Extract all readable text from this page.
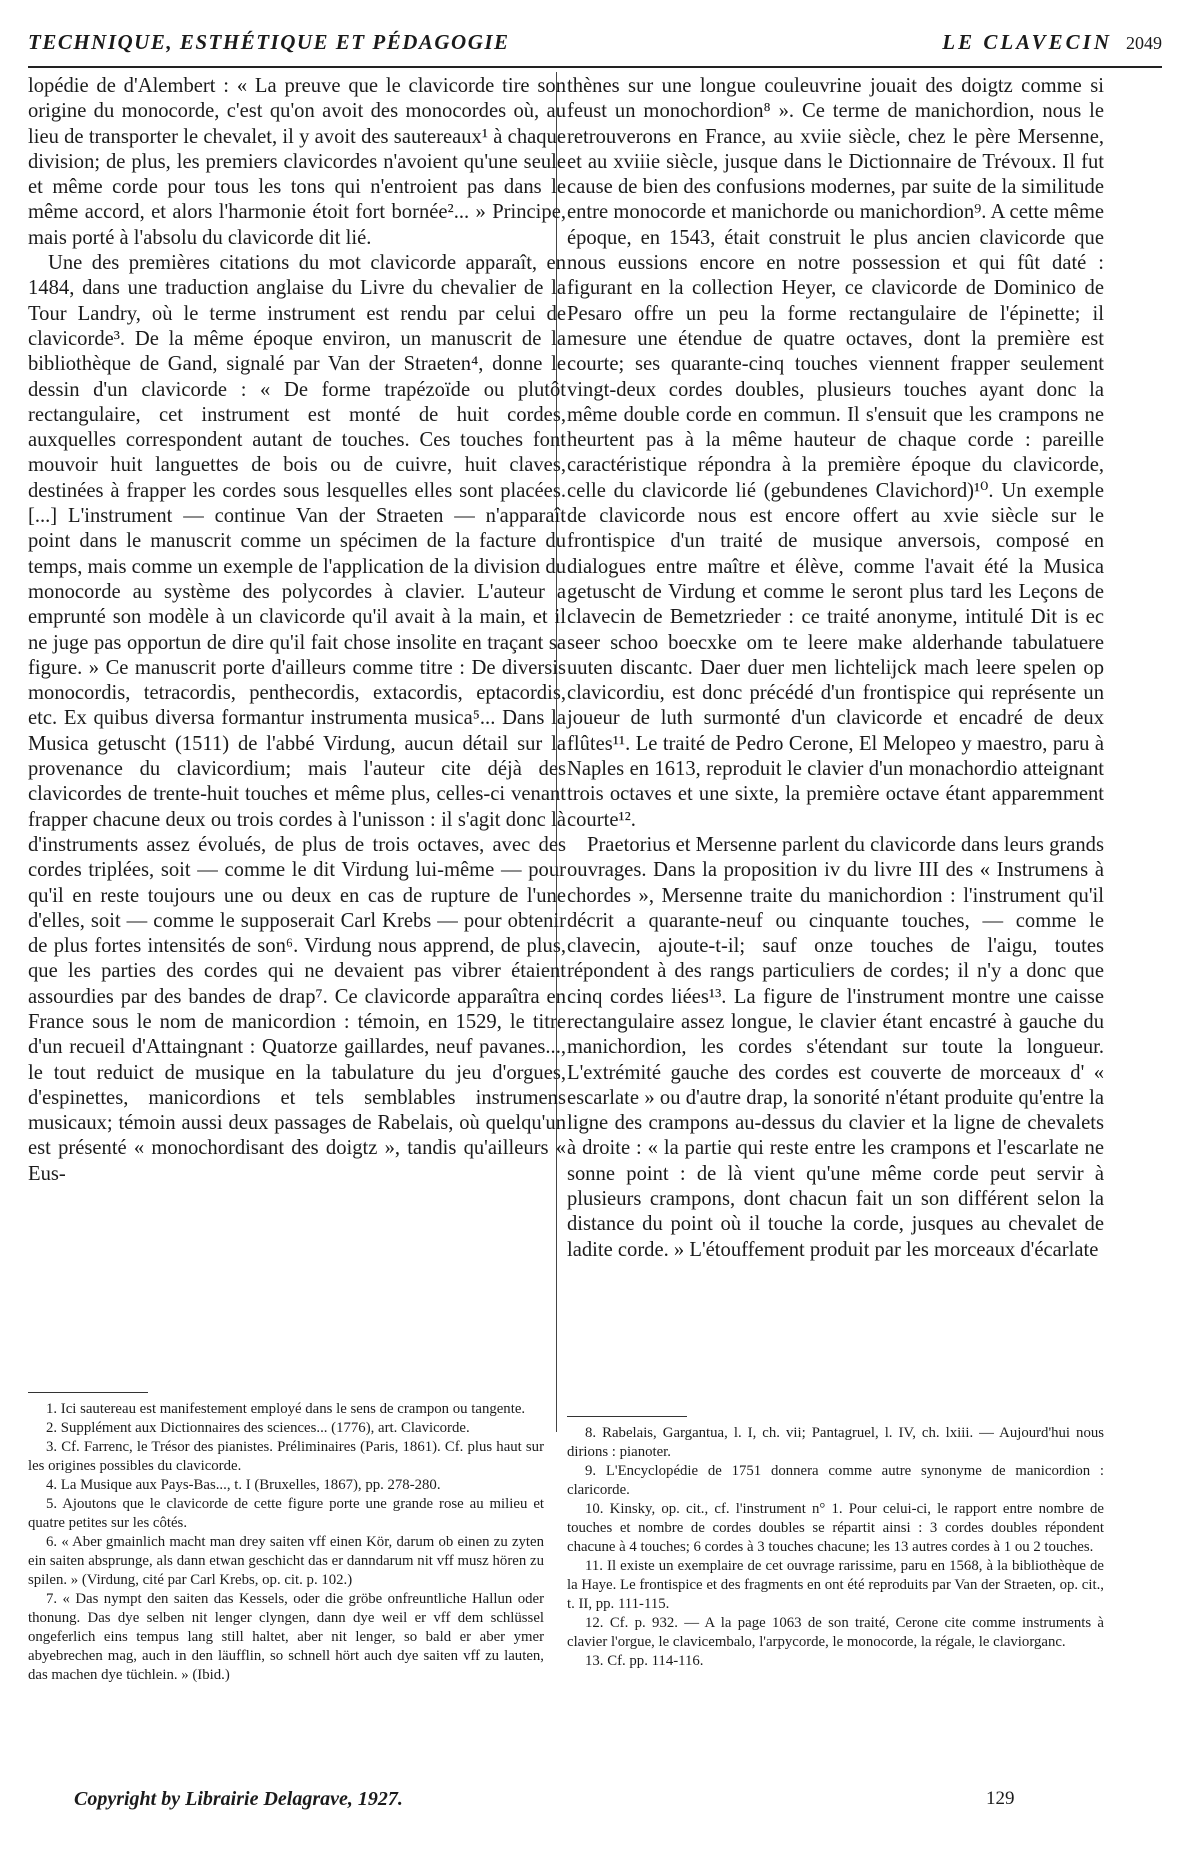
TECHNIQUE, ESTHÉTIQUE ET PÉDAGOGIE	LE CLAVECIN 2049

lopédie de d'Alembert : « La preuve que le clavicorde tire son origine du monocorde, c'est qu'on avoit des monocordes où, au lieu de transporter le chevalet, il y avoit des sautereaux¹ à chaque division; de plus, les premiers clavicordes n'avoient qu'une seule et même corde pour tous les tons qui n'entroient pas dans le même accord, et alors l'harmonie étoit fort bornée²... » Principe, mais porté à l'absolu du clavicorde dit lié.

Une des premières citations du mot clavicorde apparaît, en 1484, dans une traduction anglaise du Livre du chevalier de la Tour Landry, où le terme instrument est rendu par celui de clavicorde³. De la même époque environ, un manuscrit de la bibliothèque de Gand, signalé par Van der Straeten⁴, donne le dessin d'un clavicorde : « De forme trapézoïde ou plutôt rectangulaire, cet instrument est monté de huit cordes, auxquelles correspondent autant de touches. Ces touches font mouvoir huit languettes de bois ou de cuivre, huit claves, destinées à frapper les cordes sous lesquelles elles sont placées. [...] L'instrument — continue Van der Straeten — n'apparaît point dans le manuscrit comme un spécimen de la facture du temps, mais comme un exemple de l'application de la division du monocorde au système des polycordes à clavier. L'auteur a emprunté son modèle à un clavicorde qu'il avait à la main, et il ne juge pas opportun de dire qu'il fait chose insolite en traçant sa figure. » Ce manuscrit porte d'ailleurs comme titre : De diversis monocordis, tetracordis, penthecordis, extacordis, eptacordis, etc. Ex quibus diversa formantur instrumenta musica⁵... Dans la Musica getuscht (1511) de l'abbé Virdung, aucun détail sur la provenance du clavicordium; mais l'auteur cite déjà des clavicordes de trente-huit touches et même plus, celles-ci venant frapper chacune deux ou trois cordes à l'unisson : il s'agit donc là d'instruments assez évolués, de plus de trois octaves, avec des cordes triplées, soit — comme le dit Virdung lui-même — pour qu'il en reste toujours une ou deux en cas de rupture de l'une d'elles, soit — comme le supposerait Carl Krebs — pour obtenir de plus fortes intensités de son⁶. Virdung nous apprend, de plus, que les parties des cordes qui ne devaient pas vibrer étaient assourdies par des bandes de drap⁷. Ce clavicorde apparaîtra en France sous le nom de manicordion : témoin, en 1529, le titre d'un recueil d'Attaingnant : Quatorze gaillardes, neuf pavanes..., le tout reduict de musique en la tabulature du jeu d'orgues, d'espinettes, manicordions et tels semblables instrumens musicaux; témoin aussi deux passages de Rabelais, où quelqu'un est présenté « monochordisant des doigtz », tandis qu'ailleurs « Eus-

thènes sur une longue couleuvrine jouait des doigtz comme si feust un monochordion⁸ ». Ce terme de manichordion, nous le retrouverons en France, au xviie siècle, chez le père Mersenne, et au xviiie siècle, jusque dans le Dictionnaire de Trévoux. Il fut cause de bien des confusions modernes, par suite de la similitude entre monocorde et manichorde ou manichordion⁹. A cette même époque, en 1543, était construit le plus ancien clavicorde que nous eussions encore en notre possession et qui fût daté : figurant en la collection Heyer, ce clavicorde de Dominico de Pesaro offre un peu la forme rectangulaire de l'épinette; il mesure une étendue de quatre octaves, dont la première est courte; ses quarante-cinq touches viennent frapper seulement vingt-deux cordes doubles, plusieurs touches ayant donc la même double corde en commun. Il s'ensuit que les crampons ne heurtent pas à la même hauteur de chaque corde : pareille caractéristique répondra à la première époque du clavicorde, celle du clavicorde lié (gebundenes Clavichord)¹⁰. Un exemple de clavicorde nous est encore offert au xvie siècle sur le frontispice d'un traité de musique anversois, composé en dialogues entre maître et élève, comme l'avait été la Musica getuscht de Virdung et comme le seront plus tard les Leçons de clavecin de Bemetzrieder : ce traité anonyme, intitulé Dit is ec seer schoo boecxke om te leere make alderhande tabulatuere uuten discantc. Daer duer men lichtelijck mach leere spelen op clavicordiu, est donc précédé d'un frontispice qui représente un joueur de luth surmonté d'un clavicorde et encadré de deux flûtes¹¹. Le traité de Pedro Cerone, El Melopeo y maestro, paru à Naples en 1613, reproduit le clavier d'un monachordio atteignant trois octaves et une sixte, la première octave étant apparemment courte¹².

Praetorius et Mersenne parlent du clavicorde dans leurs grands ouvrages. Dans la proposition iv du livre III des « Instrumens à chordes », Mersenne traite du manichordion : l'instrument qu'il décrit a quarante-neuf ou cinquante touches, — comme le clavecin, ajoute-t-il; sauf onze touches de l'aigu, toutes répondent à des rangs particuliers de cordes; il n'y a donc que cinq cordes liées¹³. La figure de l'instrument montre une caisse rectangulaire assez longue, le clavier étant encastré à gauche du manichordion, les cordes s'étendant sur toute la longueur. L'extrémité gauche des cordes est couverte de morceaux d' « escarlate » ou d'autre drap, la sonorité n'étant produite qu'entre la ligne des crampons au-dessus du clavier et la ligne de chevalets à droite : « la partie qui reste entre les crampons et l'escarlate ne sonne point : de là vient qu'une même corde peut servir à plusieurs crampons, dont chacun fait un son différent selon la distance du point où il touche la corde, jusques au chevalet de ladite corde. » L'étouffement produit par les morceaux d'écarlate

1. Ici sautereau est manifestement employé dans le sens de crampon ou tangente.

2. Supplément aux Dictionnaires des sciences... (1776), art. Clavicorde.

3. Cf. Farrenc, le Trésor des pianistes. Préliminaires (Paris, 1861). Cf. plus haut sur les origines possibles du clavicorde.

4. La Musique aux Pays-Bas..., t. I (Bruxelles, 1867), pp. 278-280.

5. Ajoutons que le clavicorde de cette figure porte une grande rose au milieu et quatre petites sur les côtés.

6. « Aber gmainlich macht man drey saiten vff einen Kör, darum ob einen zu zyten ein saiten absprunge, als dann etwan geschicht das er danndarum nit vff musz hören zu spilen. » (Virdung, cité par Carl Krebs, op. cit. p. 102.)

7. « Das nympt den saiten das Kessels, oder die gröbe onfreuntliche Hallun oder thonung. Das dye selben nit lenger clyngen, dann dye weil er vff dem schlüssel ongeferlich eins tempus lang still haltet, aber nit lenger, so bald er aber ymer abyebrechen mag, auch in den läufflin, so schnell hört auch dye saiten vff zu lauten, das machen dye tüchlein. » (Ibid.)

8. Rabelais, Gargantua, l. I, ch. vii; Pantagruel, l. IV, ch. lxiii. — Aujourd'hui nous dirions : pianoter.

9. L'Encyclopédie de 1751 donnera comme autre synonyme de manicordion : claricorde.

10. Kinsky, op. cit., cf. l'instrument n° 1. Pour celui-ci, le rapport entre nombre de touches et nombre de cordes doubles se répartit ainsi : 3 cordes doubles répondent chacune à 4 touches; 6 cordes à 3 touches chacune; les 13 autres cordes à 1 ou 2 touches.

11. Il existe un exemplaire de cet ouvrage rarissime, paru en 1568, à la bibliothèque de la Haye. Le frontispice et des fragments en ont été reproduits par Van der Straeten, op. cit., t. II, pp. 111-115.

12. Cf. p. 932. — A la page 1063 de son traité, Cerone cite comme instruments à clavier l'orgue, le clavicembalo, l'arpycorde, le monocorde, la régale, le claviorganc.

13. Cf. pp. 114-116.

Copyright by Librairie Delagrave, 1927.	129
